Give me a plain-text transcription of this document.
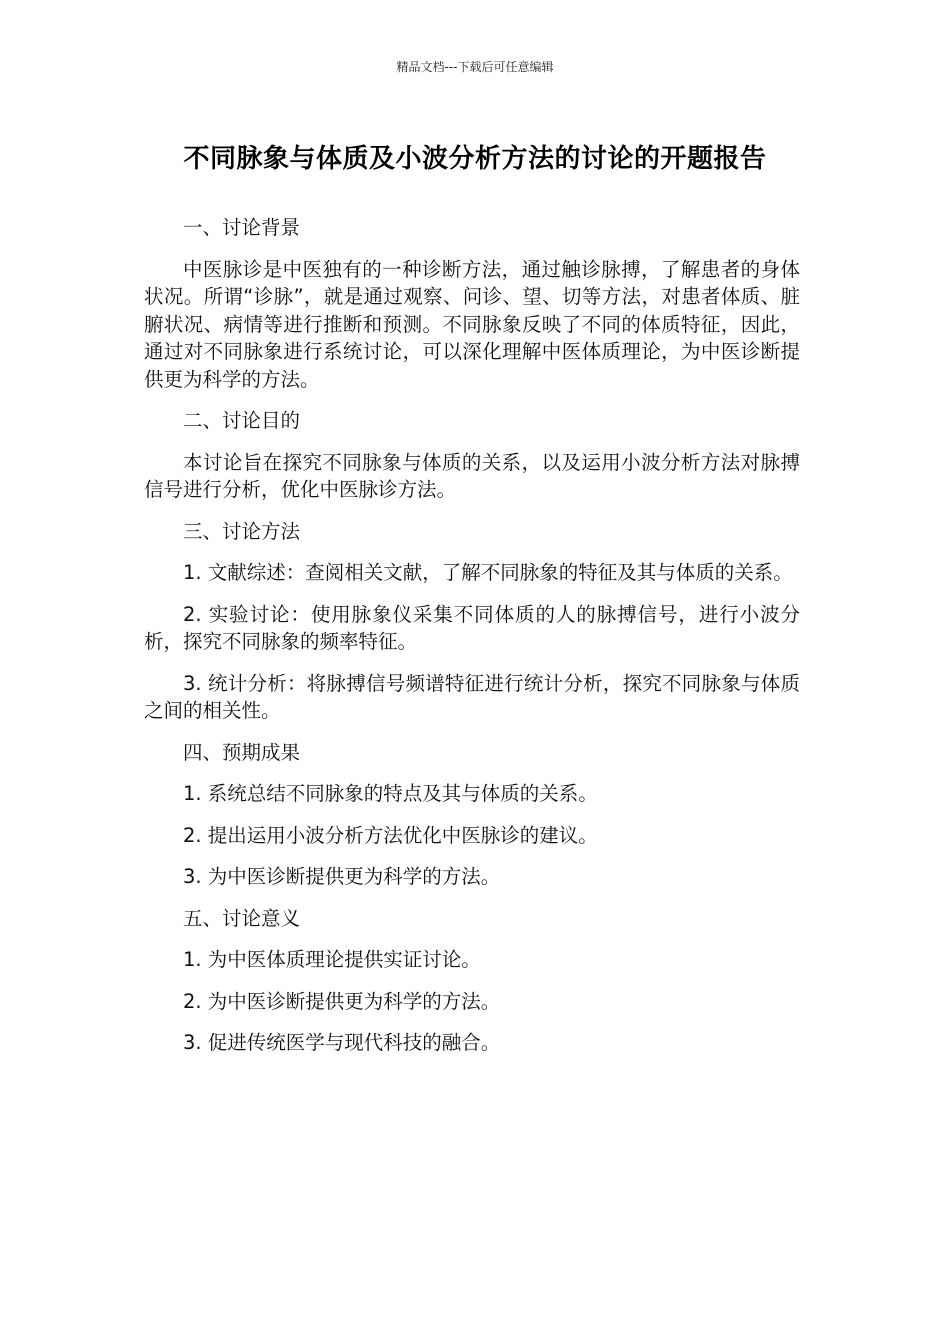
精品文档---下载后可任意编辑
不同脉象与体质及小波分析方法的讨论的开题报告

一、讨论背景

中医脉诊是中医独有的一种诊断方法，通过触诊脉搏，了解患者的身体状况。所谓“诊脉”，就是通过观察、问诊、望、切等方法，对患者体质、脏腑状况、病情等进行推断和预测。不同脉象反映了不同的体质特征，因此，通过对不同脉象进行系统讨论，可以深化理解中医体质理论，为中医诊断提供更为科学的方法。

二、讨论目的

本讨论旨在探究不同脉象与体质的关系，以及运用小波分析方法对脉搏信号进行分析，优化中医脉诊方法。

三、讨论方法

1. 文献综述：查阅相关文献，了解不同脉象的特征及其与体质的关系。

2. 实验讨论：使用脉象仪采集不同体质的人的脉搏信号，进行小波分析，探究不同脉象的频率特征。

3. 统计分析：将脉搏信号频谱特征进行统计分析，探究不同脉象与体质之间的相关性。

四、预期成果

1. 系统总结不同脉象的特点及其与体质的关系。

2. 提出运用小波分析方法优化中医脉诊的建议。

3. 为中医诊断提供更为科学的方法。

五、讨论意义

1. 为中医体质理论提供实证讨论。

2. 为中医诊断提供更为科学的方法。

3. 促进传统医学与现代科技的融合。
